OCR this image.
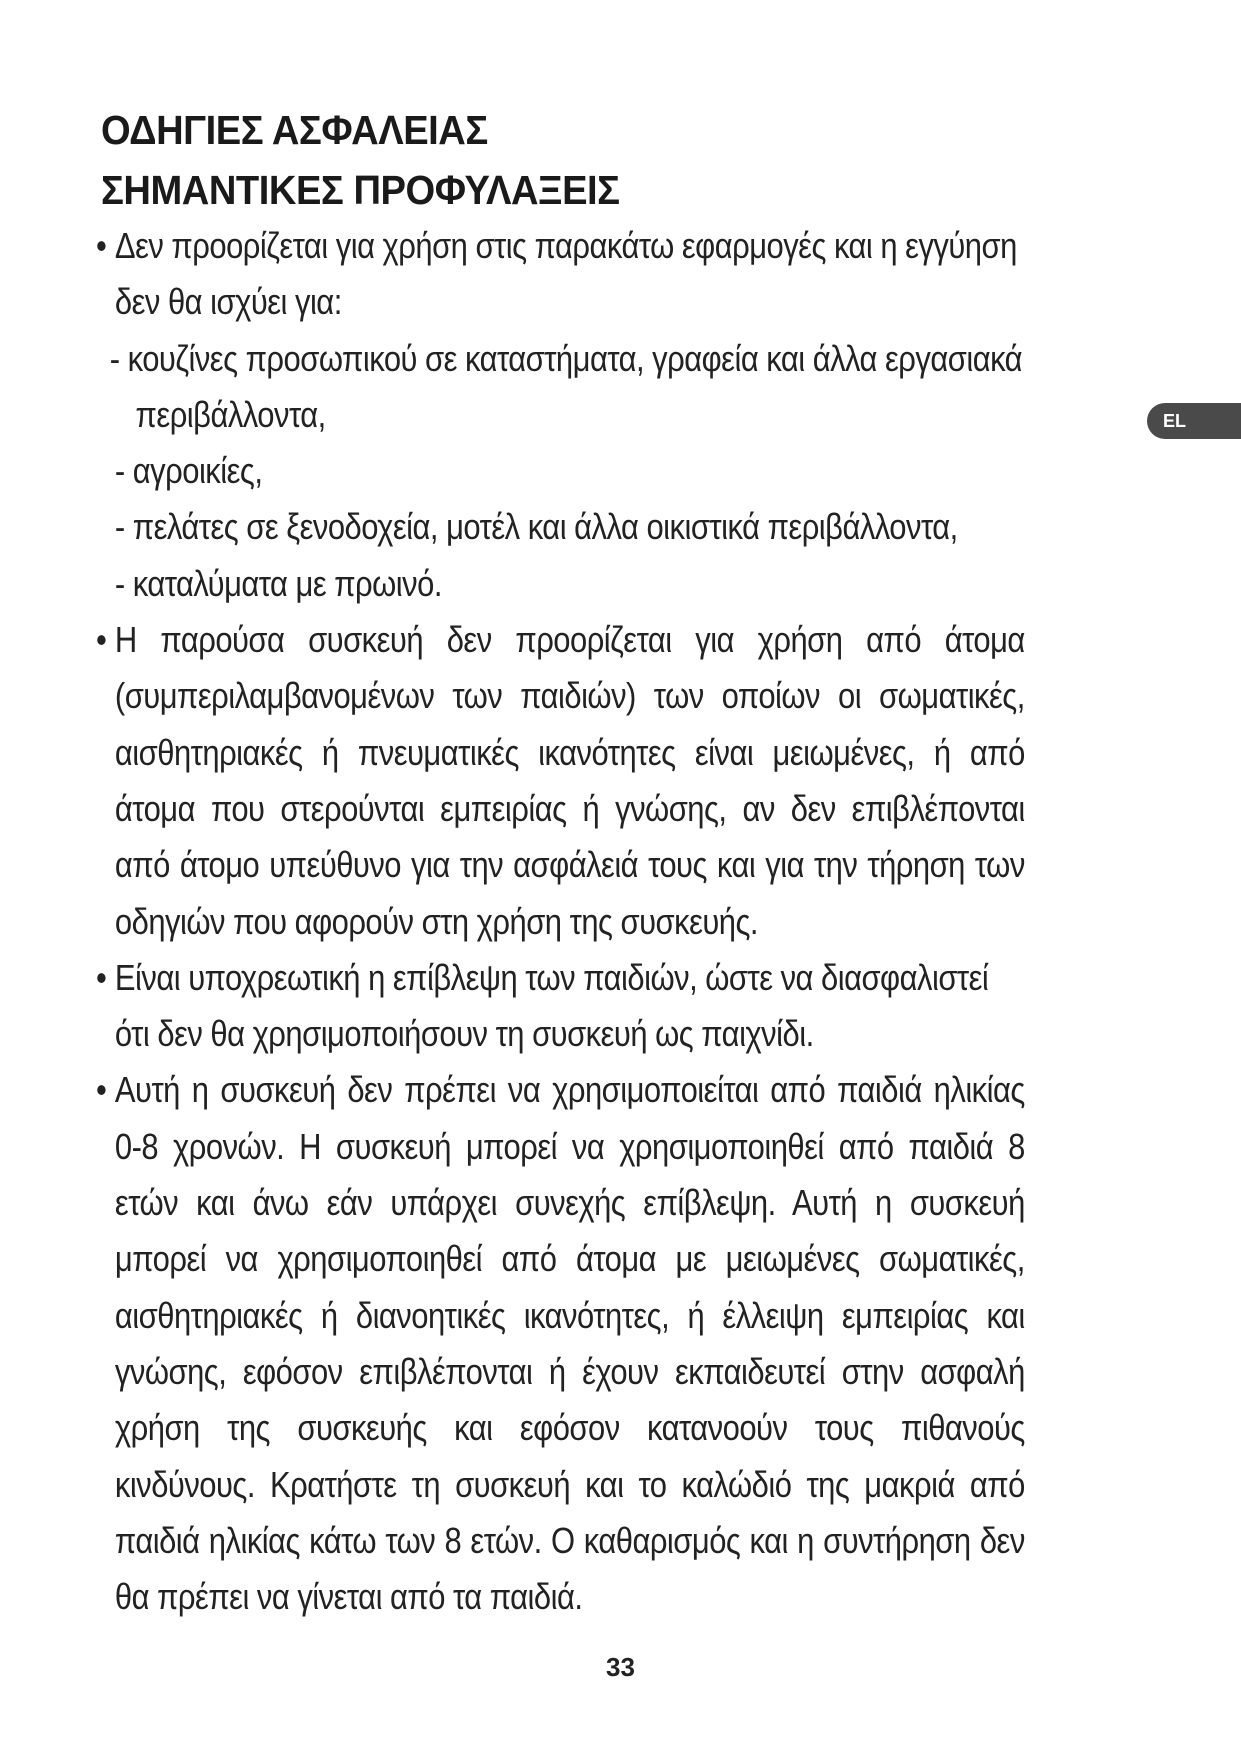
ΟΔΗΓΙΕΣ ΑΣΦΑΛΕΙΑΣ
ΣΗΜΑΝΤΙΚΕΣ ΠΡΟΦΥΛΑΞΕΙΣ
EL
• Δεν προορίζεται για χρήση στις παρακάτω εφαρμογές και η εγγύηση δεν θα ισχύει για:
- κουζίνες προσωπικού σε καταστήματα, γραφεία και άλλα εργασιακά περιβάλλοντα,
- αγροικίες,
- πελάτες σε ξενοδοχεία, μοτέλ και άλλα οικιστικά περιβάλλοντα,
- καταλύματα με πρωινό.
• Η παρούσα συσκευή δεν προορίζεται για χρήση από άτομα (συμπεριλαμβανομένων των παιδιών) των οποίων οι σωματικές, αισθητηριακές ή πνευματικές ικανότητες είναι μειωμένες, ή από άτομα που στερούνται εμπειρίας ή γνώσης, αν δεν επιβλέπονται από άτομο υπεύθυνο για την ασφάλειά τους και για την τήρηση των οδηγιών που αφορούν στη χρήση της συσκευής.
• Είναι υποχρεωτική η επίβλεψη των παιδιών, ώστε να διασφαλιστεί ότι δεν θα χρησιμοποιήσουν τη συσκευή ως παιχνίδι.
• Αυτή η συσκευή δεν πρέπει να χρησιμοποιείται από παιδιά ηλικίας 0-8 χρονών. Η συσκευή μπορεί να χρησιμοποιηθεί από παιδιά 8 ετών και άνω εάν υπάρχει συνεχής επίβλεψη. Αυτή η συσκευή μπορεί να χρησιμοποιηθεί από άτομα με μειωμένες σωματικές, αισθητηριακές ή διανοητικές ικανότητες, ή έλλειψη εμπειρίας και γνώσης, εφόσον επιβλέπονται ή έχουν εκπαιδευτεί στην ασφαλή χρήση της συσκευής και εφόσον κατανοούν τους πιθανούς κινδύνους. Κρατήστε τη συσκευή και το καλώδιό της μακριά από παιδιά ηλικίας κάτω των 8 ετών. Ο καθαρισμός και η συντήρηση δεν θα πρέπει να γίνεται από τα παιδιά.
33
